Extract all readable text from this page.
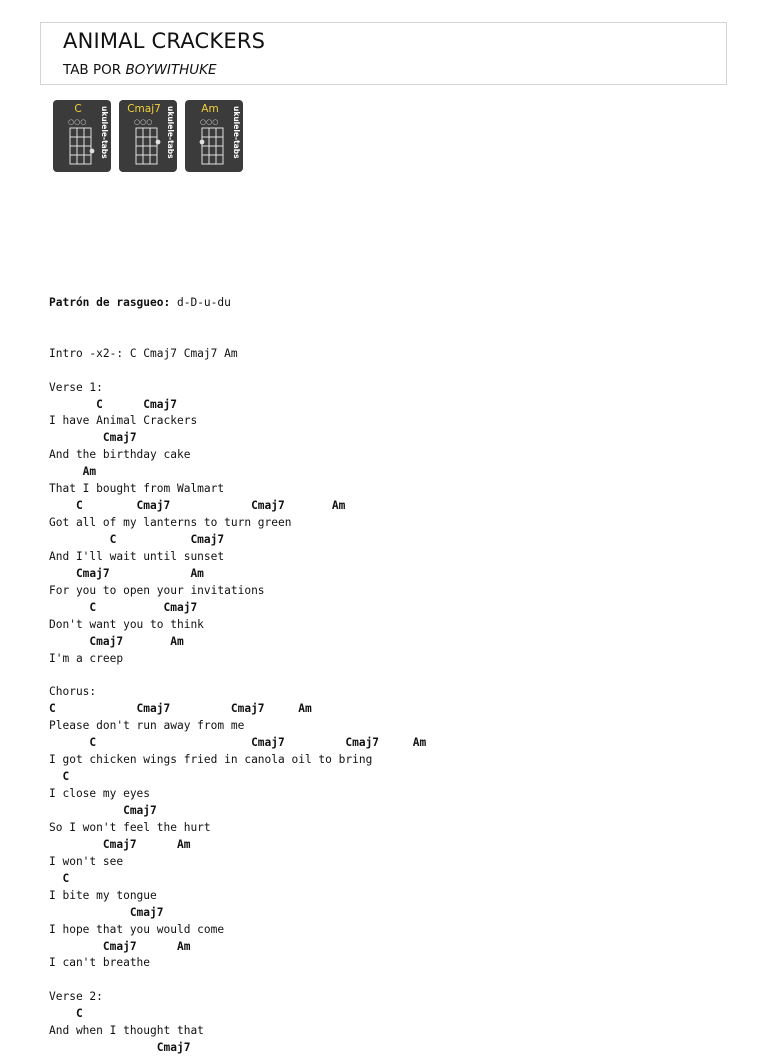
ANIMAL CRACKERS
TAB POR BOYWITHUKE
C
○○○ ukulele-tabs	Cmaj7
○○○ ukulele-tabs	Am
○○○ ukulele-tabs

Patrón de rasgueo: d-D-u-du

Intro -x2-: C Cmaj7 Cmaj7 Am
Verse 1:
C      Cmaj7
I have Animal Crackers
Cmaj7
And the birthday cake
Am
That I bought from Walmart
C        Cmaj7            Cmaj7       Am
Got all of my lanterns to turn green
C           Cmaj7
And I'll wait until sunset
Cmaj7            Am
For you to open your invitations
C          Cmaj7
Don't want you to think
Cmaj7       Am
I'm a creep
Chorus:
C            Cmaj7         Cmaj7     Am
Please don't run away from me
C                       Cmaj7         Cmaj7     Am
I got chicken wings fried in canola oil to bring
C
I close my eyes
Cmaj7
So I won't feel the hurt
Cmaj7      Am
I won't see
C
I bite my tongue
Cmaj7
I hope that you would come
Cmaj7      Am
I can't breathe
Verse 2:
C
And when I thought that
Cmaj7
